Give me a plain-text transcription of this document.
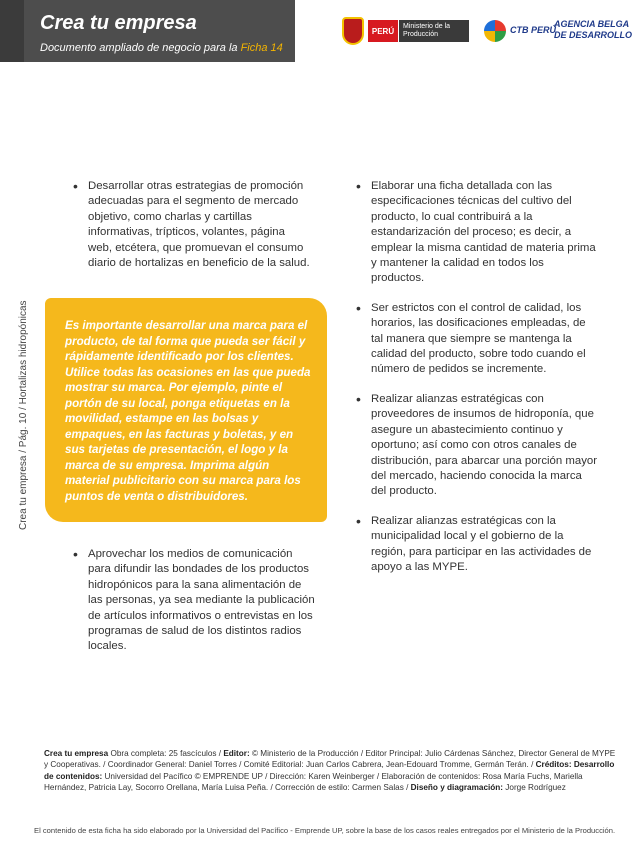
Crea tu empresa
Documento ampliado de negocio para la Ficha 14
PERÚ	Ministerio de la Producción	CTB PERÚ
AGENCIA BELGA
DE DESARROLLO
Crea tu empresa / Pág. 10 / Hortalizas hidropónicas
• Desarrollar otras estrategias de promoción adecuadas para el segmento de mercado objetivo, como charlas y cartillas informativas, trípticos, volantes, página web, etcétera, que promuevan el consumo diario de hortalizas en beneficio de la salud.
Es importante desarrollar una marca para el producto, de tal forma que pueda ser fácil y rápidamente identificado por los clientes. Utilice todas las ocasiones en las que pueda mostrar su marca. Por ejemplo, pinte el portón de su local, ponga etiquetas en la movilidad, estampe en las bolsas y empaques, en las facturas y boletas, y en sus tarjetas de presentación, el logo y la marca de su empresa. Imprima algún material publicitario con su marca para los puntos de venta o distribuidores.
• Aprovechar los medios de comunicación para difundir las bondades de los productos hidropónicos para la sana alimentación de las personas, ya sea mediante la publicación de artículos informativos o entrevistas en los programas de salud de los distintos radios locales.
• Elaborar una ficha detallada con las especificaciones técnicas del cultivo del producto, lo cual contribuirá a la estandarización del proceso; es decir, a emplear la misma cantidad de materia prima y mantener la calidad en todos los productos.
• Ser estrictos con el control de calidad, los horarios, las dosificaciones empleadas, de tal manera que siempre se mantenga la calidad del producto, sobre todo cuando el número de pedidos se incremente.
• Realizar alianzas estratégicas con proveedores de insumos de hidroponía, que asegure un abastecimiento continuo y oportuno; así como con otros canales de distribución, para abarcar una porción mayor del mercado, haciendo conocida la marca del producto.
• Realizar alianzas estratégicas con la municipalidad local y el gobierno de la región, para participar en las actividades de apoyo a las MYPE.
Crea tu empresa Obra completa: 25 fascículos / Editor: © Ministerio de la Producción / Editor Principal: Julio Cárdenas Sánchez, Director General de MYPE y Cooperativas. / Coordinador General: Daniel Torres / Comité Editorial: Juan Carlos Cabrera, Jean-Edouard Tromme, Germán Terán. / Créditos: Desarrollo de contenidos: Universidad del Pacífico © EMPRENDE UP / Dirección: Karen Weinberger / Elaboración de contenidos: Rosa María Fuchs, Mariella Hernández, Patricia Lay, Socorro Orellana, María Luisa Peña. / Corrección de estilo: Carmen Salas / Diseño y diagramación: Jorge Rodríguez
El contenido de esta ficha ha sido elaborado por la Universidad del Pacífico - Emprende UP, sobre la base de los casos reales entregados por el Ministerio de la Producción.
